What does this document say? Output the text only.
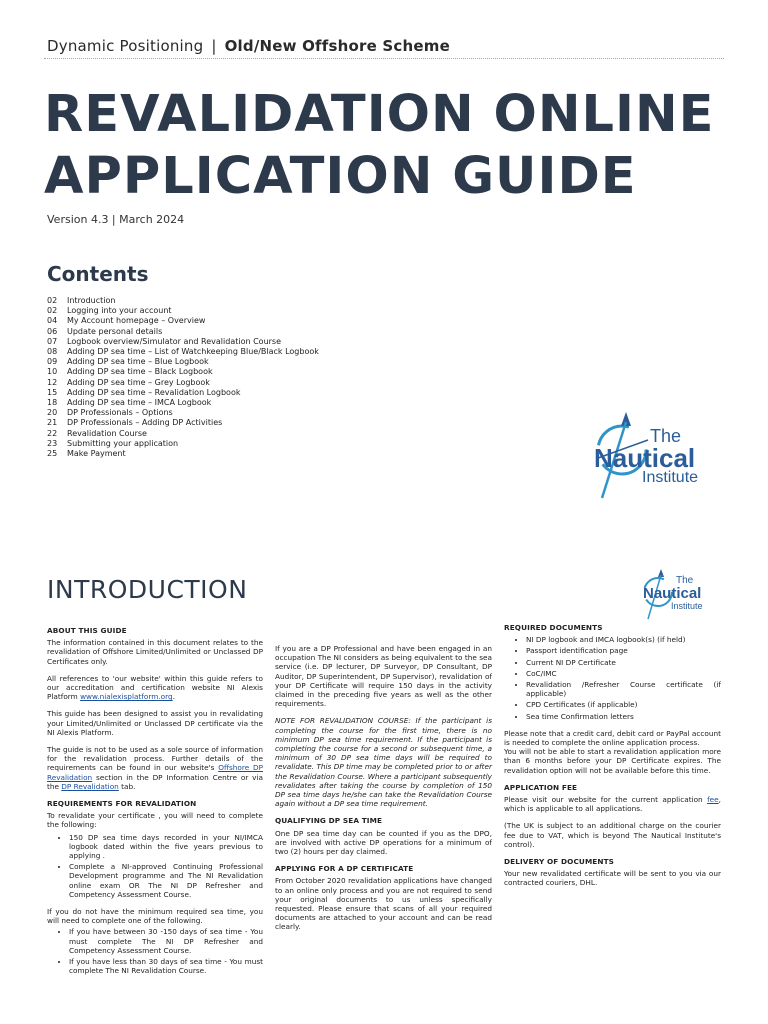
Dynamic Positioning | Old/New Offshore Scheme
REVALIDATION ONLINE
APPLICATION GUIDE
Version 4.3 | March 2024
Contents
02	Introduction
02	Logging into your account
04	My Account homepage – Overview
06	Update personal details
07	Logbook overview/Simulator and Revalidation Course
08	Adding DP sea time – List of Watchkeeping Blue/Black Logbook
09	Adding DP sea time – Blue Logbook
10	Adding DP sea time – Black Logbook
12	Adding DP sea time – Grey Logbook
15	Adding DP sea time – Revalidation Logbook
18	Adding DP sea time – IMCA Logbook
20	DP Professionals – Options
21	DP Professionals – Adding DP Activities
22	Revalidation Course
23	Submitting your application
25	Make Payment
The
Nautical
Institute
INTRODUCTION	The
Nautical
Institute
ABOUT THIS GUIDE

The information contained in this document relates to the revalidation of Offshore Limited/Unlimited or Unclassed DP Certificates only.

All references to 'our website' within this guide refers to our accreditation and certification website NI Alexis Platform www.nialexisplatform.org.

This guide has been designed to assist you in revalidating your Limited/Unlimited or Unclassed DP certificate via the NI Alexis Platform.

The guide is not to be used as a sole source of information for the revalidation process. Further details of the requirements can be found in our website's Offshore DP Revalidation section in the DP Information Centre or via the DP Revalidation tab.

REQUIREMENTS FOR REVALIDATION

To revalidate your certificate , you will need to complete the following:

• 150 DP sea time days recorded in your NI/IMCA logbook dated within the five years previous to applying .
• Complete a NI-approved Continuing Professional Development programme and The NI Revalidation online exam OR The NI DP Refresher and Competency Assessment Course.

If you do not have the minimum required sea time, you will need to complete one of the following.

• If you have between 30 -150 days of sea time - You must complete The NI DP Refresher and Competency Assessment Course.
• If you have less than 30 days of sea time - You must complete The NI Revalidation Course.

If you are a DP Professional and have been engaged in an occupation The NI considers as being equivalent to the sea service (i.e. DP lecturer, DP Surveyor, DP Consultant, DP Auditor, DP Superintendent, DP Supervisor), revalidation of your DP Certificate will require 150 days in the activity claimed in the preceding five years as well as the other requirements.

NOTE FOR REVALIDATION COURSE: If the participant is completing the course for the first time, there is no minimum DP sea time requirement. If the participant is completing the course for a second or subsequent time, a minimum of 30 DP sea time days will be required to revalidate. This DP time may be completed prior to or after the Revalidation Course. Where a participant subsequently revalidates after taking the course by completion of 150 DP sea time days he/she can take the Revalidation Course again without a DP sea time requirement.

QUALIFYING DP SEA TIME

One DP sea time day can be counted if you as the DPO, are involved with active DP operations for a minimum of two (2) hours per day claimed.

APPLYING FOR A DP CERTIFICATE

From October 2020 revalidation applications have changed to an online only process and you are not required to send your original documents to us unless specifically requested. Please ensure that scans of all your required documents are attached to your account and can be read clearly.

REQUIRED DOCUMENTS
• NI DP logbook and IMCA logbook(s) (if held)
• Passport identification page
• Current NI DP Certificate
• CoC/IMC
• Revalidation /Refresher Course certificate (if applicable)
• CPD Certificates (if applicable)
• Sea time Confirmation letters

Please note that a credit card, debit card or PayPal account is needed to complete the online application process.

You will not be able to start a revalidation application more than 6 months before your DP Certificate expires. The revalidation option will not be available before this time.

APPLICATION FEE

Please visit our website for the current application fee, which is applicable to all applications.

(The UK is subject to an additional charge on the courier fee due to VAT, which is beyond The Nautical Institute's control).

DELIVERY OF DOCUMENTS

Your new revalidated certificate will be sent to you via our contracted couriers, DHL.
